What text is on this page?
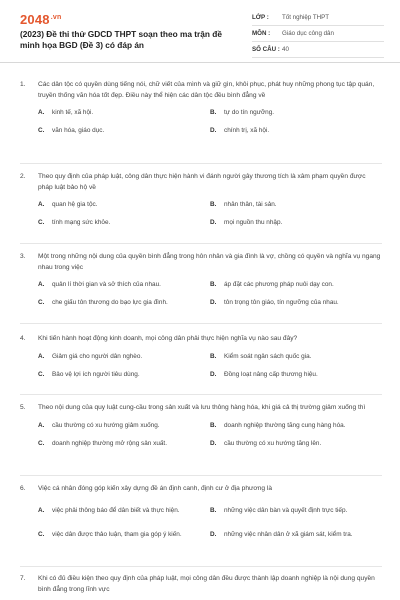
$2048^{.vn}$
(2023) Đề thi thử GDCD THPT soạn theo ma trận đề minh họa BGD (Đề 3) có đáp án
LỚP :	Tốt nghiệp THPT
MÔN :	Giáo dục công dân
SỐ CÂU : 40
1.	Các dân tộc có quyền dùng tiếng nói, chữ viết của mình và giữ gìn, khôi phục, phát huy những phong tục tập quán, truyền thống văn hóa tốt đẹp. Điều này thể hiện các dân tộc đều bình đẳng về
A.	kinh tế, xã hội.	B.	tự do tín ngưỡng.
C.	văn hóa, giáo dục.	D.	chính trị, xã hội.
2.	Theo quy định của pháp luật, công dân thực hiện hành vi đánh người gây thương tích là xâm phạm quyền được pháp luật bảo hộ về
A.	quan hệ gia tộc.	B.	nhân thân, tài sản.
C.	tính mạng sức khỏe.	D.	mọi nguồn thu nhập.
3.	Một trong những nội dung của quyền bình đẳng trong hôn nhân và gia đình là vợ, chồng có quyền và nghĩa vụ ngang nhau trong việc
A.	quản lí thời gian và sở thích của nhau.	B.	áp đặt các phương pháp nuôi dạy con.
C.	che giấu tôn thương do bạo lực gia đình.	D.	tôn trọng tôn giáo, tín ngưỡng của nhau.
4.	Khi tiến hành hoạt động kinh doanh, mọi công dân phải thực hiện nghĩa vụ nào sau đây?
A.	Giảm giá cho người dân nghèo.	B.	Kiểm soát ngân sách quốc gia.
C.	Bảo vệ lợi ích người tiêu dùng.	D.	Đồng loạt nâng cấp thương hiệu.
5.	Theo nội dung của quy luật cung-cầu trong sản xuất và lưu thông hàng hóa, khi giá cả thị trường giảm xuống thì
A.	cầu thường có xu hướng giảm xuống.	B.	doanh nghiệp thường tăng cung hàng hóa.
C.	doanh nghiệp thường mở rộng sản xuất.	D.	cầu thường có xu hướng tăng lên.
6.	Việc cá nhân đóng góp kiến xây dựng đề án định canh, định cư ở địa phương là
A.	việc phải thông báo để dân biết và thực hiện.	B.	những việc dân bàn và quyết định trực tiếp.
C.	việc dân được thảo luận, tham gia góp ý kiến.	D.	những việc nhân dân ở xã giám sát, kiểm tra.
7.	Khi có đủ điều kiện theo quy định của pháp luật, mọi công dân đều được thành lập doanh nghiệp là nội dung quyền bình đẳng trong lĩnh vực
